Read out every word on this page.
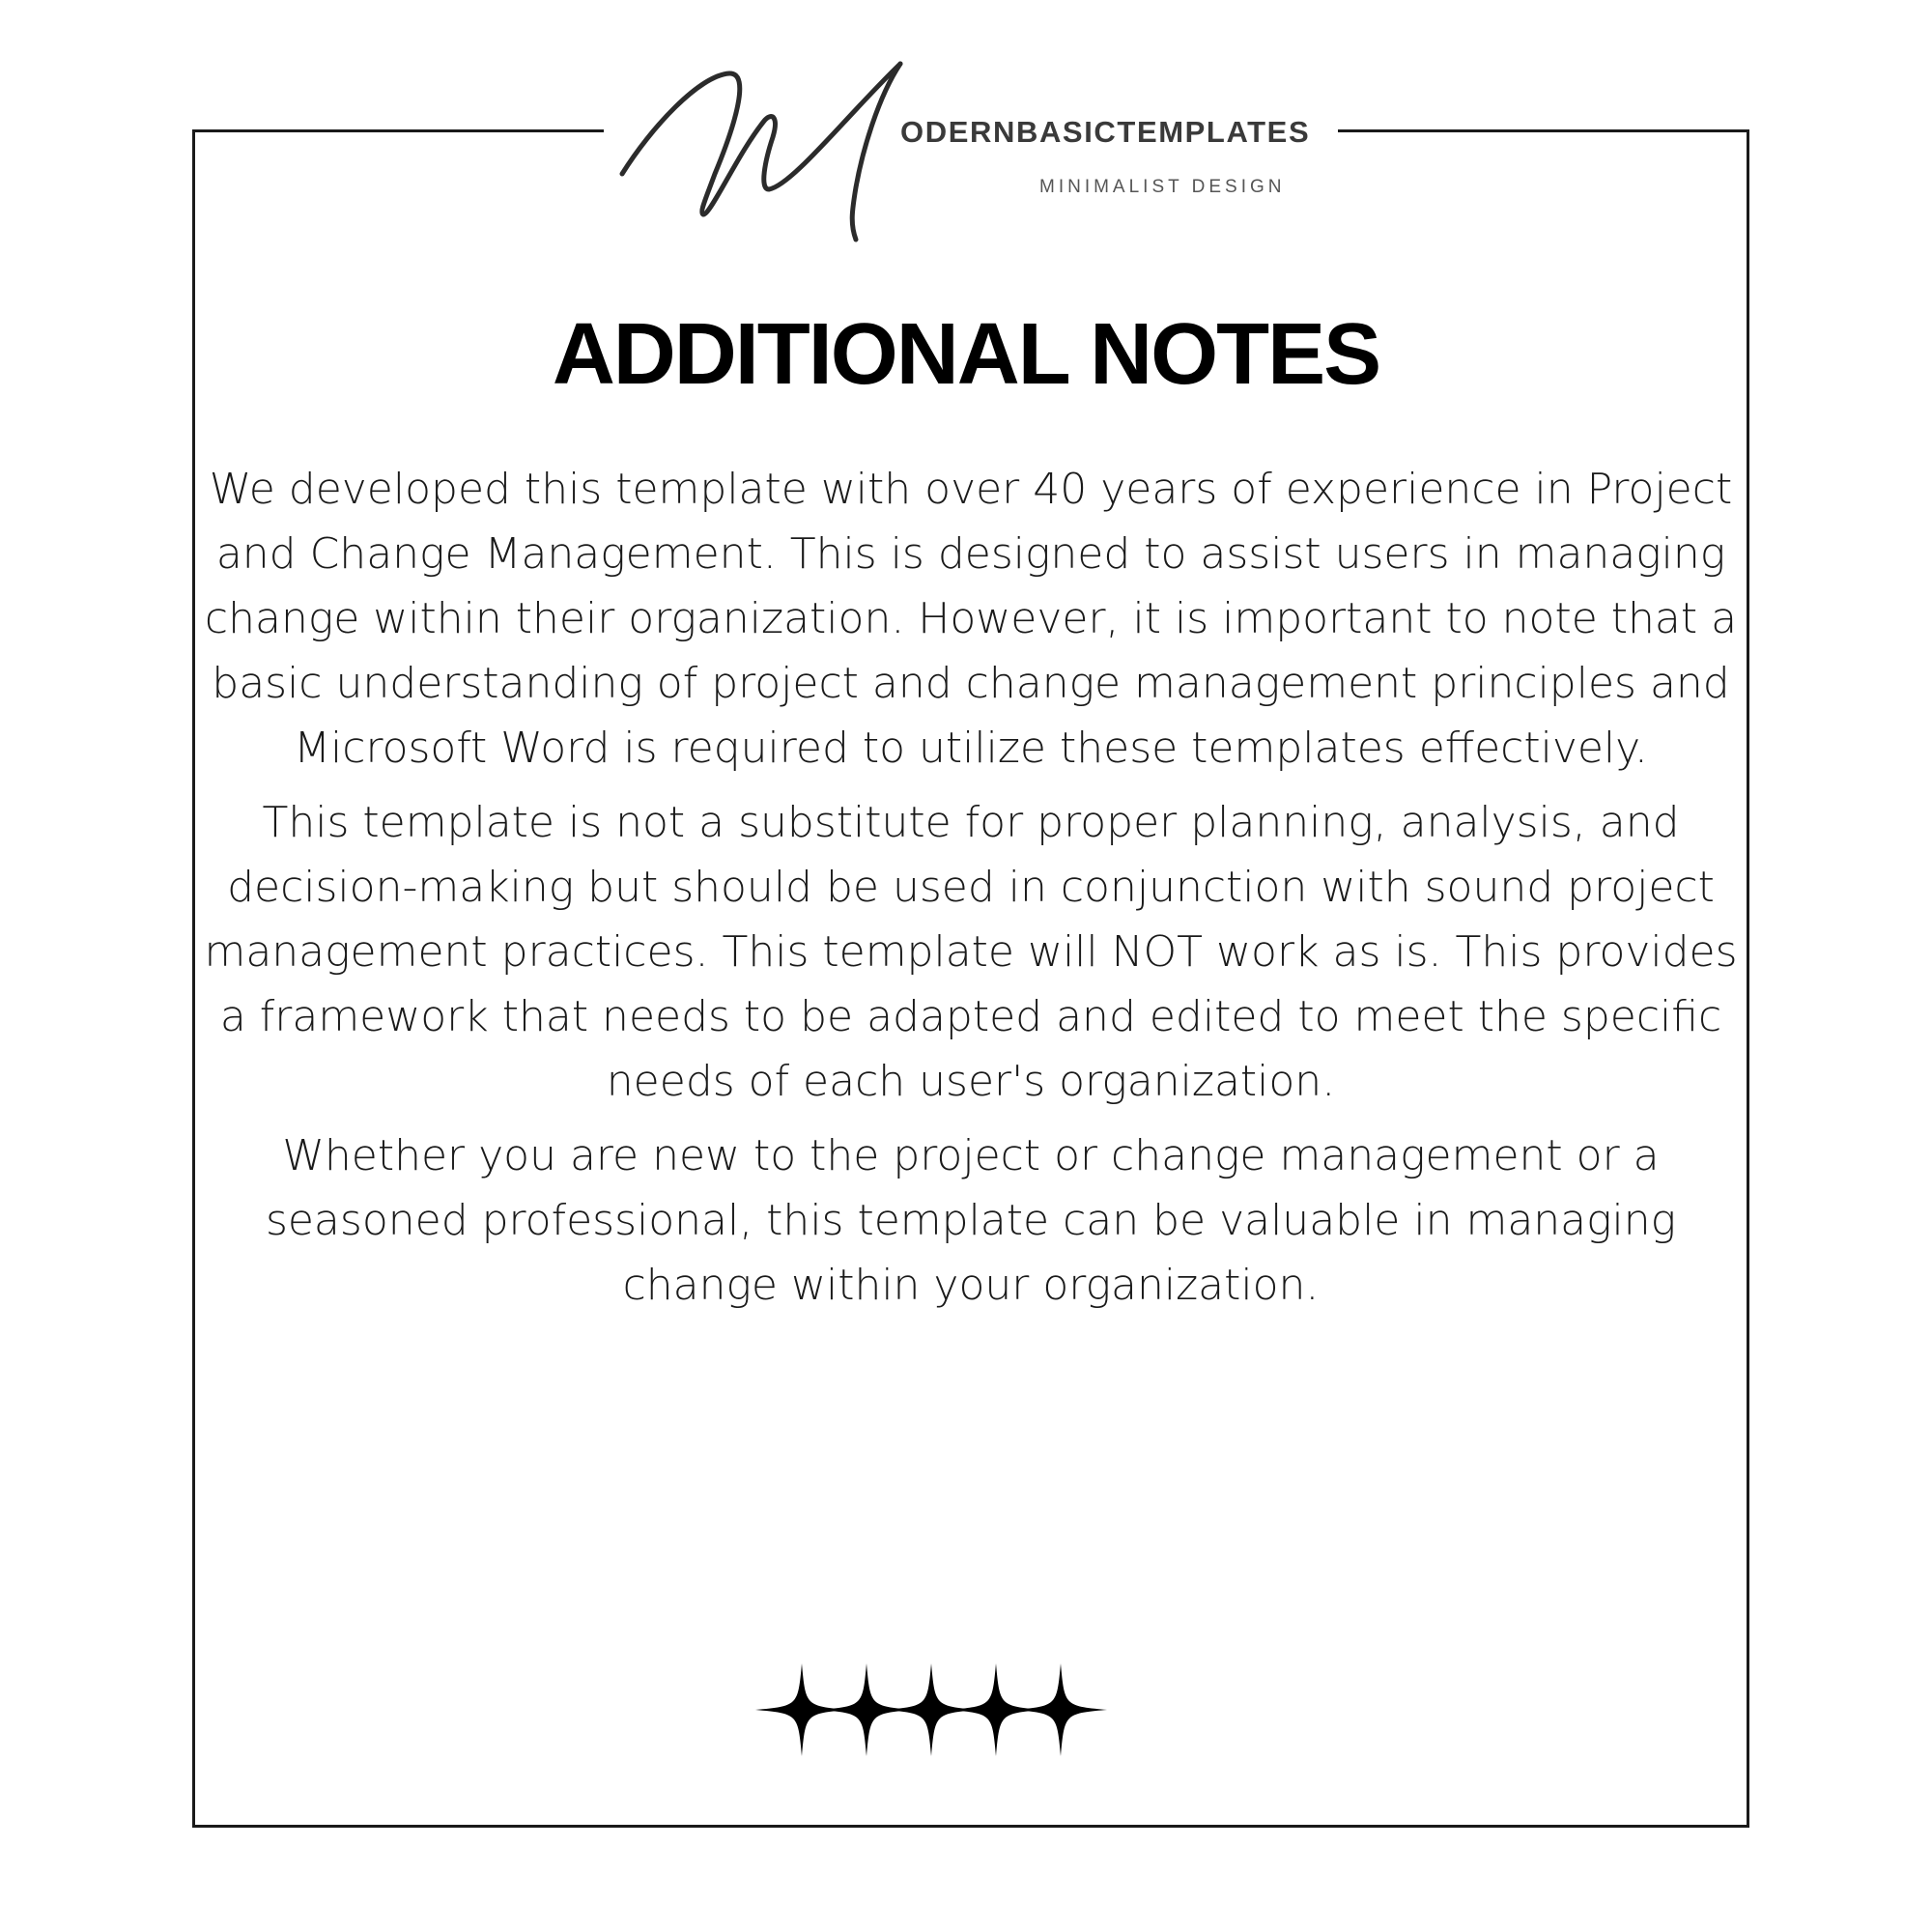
ODERNBASICTEMPLATES
MINIMALIST DESIGN
ADDITIONAL NOTES

We developed this template with over 40 years of experience in Project and Change Management. This is designed to assist users in managing change within their organization. However, it is important to note that a basic understanding of project and change management principles and Microsoft Word is required to utilize these templates effectively.

This template is not a substitute for proper planning, analysis, and decision-making but should be used in conjunction with sound project management practices. This template will NOT work as is. This provides a framework that needs to be adapted and edited to meet the specific needs of each user's organization.

Whether you are new to the project or change management or a seasoned professional, this template can be valuable in managing change within your organization.
